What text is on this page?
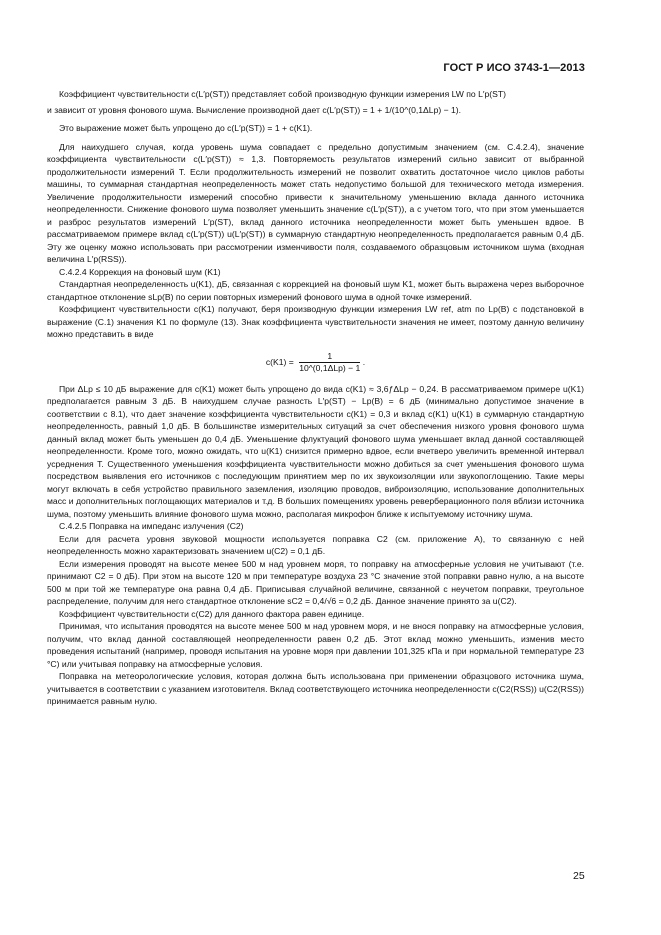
ГОСТ Р ИСО 3743-1—2013

Коэффициент чувствительности c(L′p(ST)) представляет собой производную функции измерения LW по L′p(ST)

и зависит от уровня фонового шума. Вычисление производной дает c(L′p(ST)) = 1 + 1/(10^(0,1ΔLp) − 1).

Это выражение может быть упрощено до c(L′p(ST)) = 1 + c(K1).

Для наихудшего случая, когда уровень шума совпадает с предельно допустимым значением (см. С.4.2.4), значение коэффициента чувствительности c(L′p(ST)) ≈ 1,3. Повторяемость результатов измерений сильно зависит от выбранной продолжительности измерений T. Если продолжительность измерений не позволит охватить достаточное число циклов работы машины, то суммарная стандартная неопределенность может стать недопустимо большой для технического метода измерения. Увеличение продолжительности измерений способно привести к значительному уменьшению вклада данного источника неопределенности. Снижение фонового шума позволяет уменьшить значение c(L′p(ST)), а с учетом того, что при этом уменьшается и разброс результатов измерений L′p(ST), вклад данного источника неопределенности может быть уменьшен вдвое. В рассматриваемом примере вклад c(L′p(ST)) u(L′p(ST)) в суммарную стандартную неопределенность предполагается равным 0,4 дБ. Эту же оценку можно использовать при рассмотрении изменчивости поля, создаваемого образцовым источником шума (входная величина L′p(RSS)).

С.4.2.4 Коррекция на фоновый шум (K1)

Стандартная неопределенность u(K1), дБ, связанная с коррекцией на фоновый шум K1, может быть выражена через выборочное стандартное отклонение sLp(B) по серии повторных измерений фонового шума в одной точке измерений.

Коэффициент чувствительности c(K1) получают, беря производную функции измерения LW ref, atm по Lp(B) с подстановкой в выражение (С.1) значения K1 по формуле (13). Знак коэффициента чувствительности значения не имеет, поэтому данную величину можно представить в виде

$c(K1) = \frac{1}{\text{10\textasciicircum{}(0,1ΔLp) − 1}}$ .

При ΔLp ≤ 10 дБ выражение для c(K1) может быть упрощено до вида c(K1) ≈ 3,6ƒΔLp − 0,24. В рассматриваемом примере u(K1) предполагается равным 3 дБ. В наихудшем случае разность L′p(ST) − Lp(B) = 6 дБ (минимально допустимое значение в соответствии с 8.1), что дает значение коэффициента чувствительности c(K1) = 0,3 и вклад c(K1) u(K1) в суммарную стандартную неопределенность, равный 1,0 дБ. В большинстве измерительных ситуаций за счет обеспечения низкого уровня фонового шума данный вклад может быть уменьшен до 0,4 дБ. Уменьшение флуктуаций фонового шума уменьшает вклад данной составляющей неопределенности. Кроме того, можно ожидать, что u(K1) снизится примерно вдвое, если вчетверо увеличить временной интервал усреднения T. Существенного уменьшения коэффициента чувствительности можно добиться за счет уменьшения фонового шума посредством выявления его источников с последующим принятием мер по их звукоизоляции или звукопоглощению. Такие меры могут включать в себя устройство правильного заземления, изоляцию проводов, виброизоляцию, использование дополнительных масс и дополнительных поглощающих материалов и т.д. В больших помещениях уровень реверберационного поля вблизи источника шума, поэтому уменьшить влияние фонового шума можно, располагая микрофон ближе к испытуемому источнику шума.

С.4.2.5 Поправка на импеданс излучения (C2)

Если для расчета уровня звуковой мощности используется поправка C2 (см. приложение А), то связанную с ней неопределенность можно характеризовать значением u(C2) = 0,1 дБ.

Если измерения проводят на высоте менее 500 м над уровнем моря, то поправку на атмосферные условия не учитывают (т.е. принимают C2 = 0 дБ). При этом на высоте 120 м при температуре воздуха 23 °С значение этой поправки равно нулю, а на высоте 500 м при той же температуре она равна 0,4 дБ. Приписывая случайной величине, связанной с неучетом поправки, треугольное распределение, получим для него стандартное отклонение sC2 = 0,4/√6 = 0,2 дБ. Данное значение принято за u(C2).

Коэффициент чувствительности c(C2) для данного фактора равен единице.

Принимая, что испытания проводятся на высоте менее 500 м над уровнем моря, и не внося поправку на атмосферные условия, получим, что вклад данной составляющей неопределенности равен 0,2 дБ. Этот вклад можно уменьшить, изменив место проведения испытаний (например, проводя испытания на уровне моря при давлении 101,325 кПа и при нормальной температуре 23 °С) или учитывая поправку на атмосферные условия.

Поправка на метеорологические условия, которая должна быть использована при применении образцового источника шума, учитывается в соответствии с указанием изготовителя. Вклад соответствующего источника неопределенности c(C2(RSS)) u(C2(RSS)) принимается равным нулю.

25
